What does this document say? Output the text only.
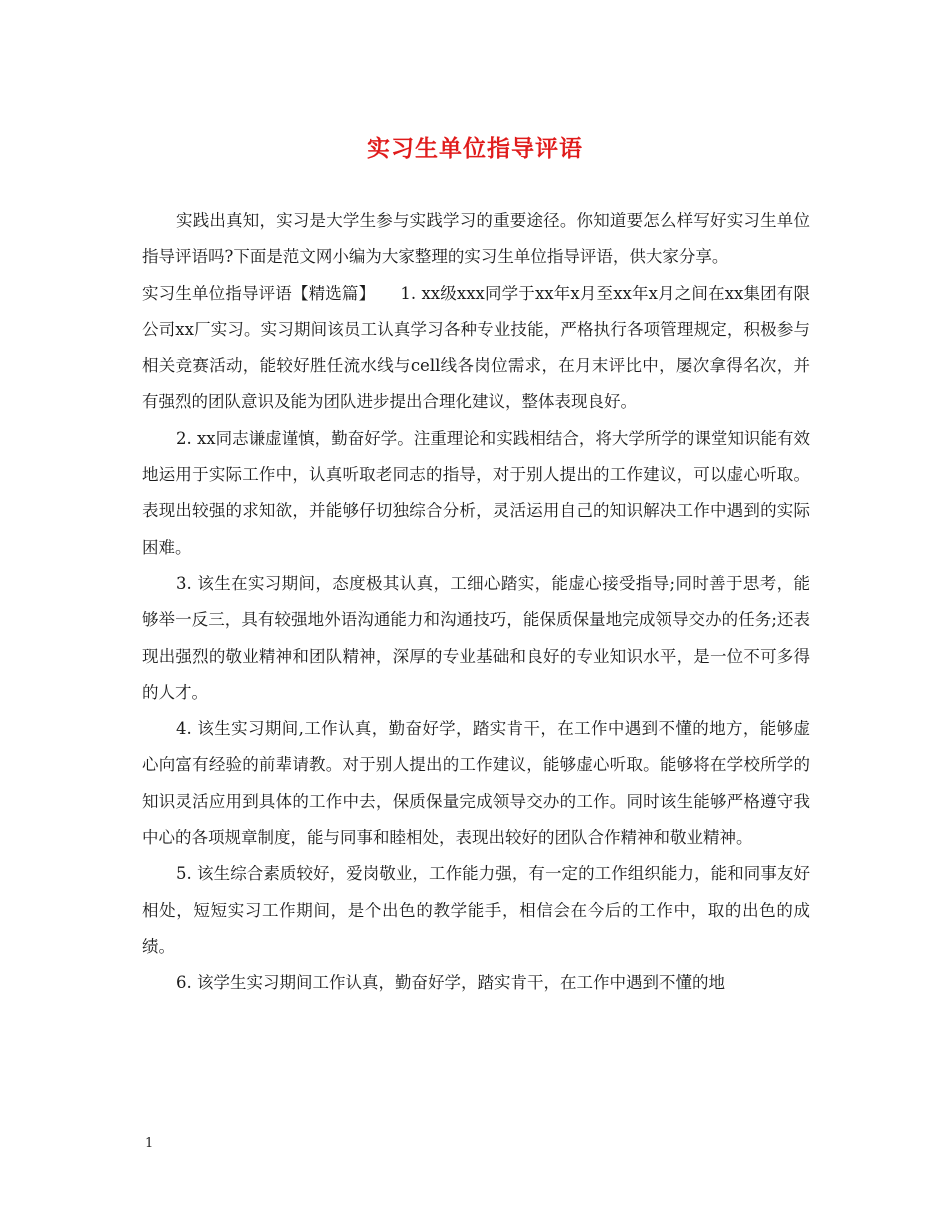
实习生单位指导评语

实践出真知，实习是大学生参与实践学习的重要途径。你知道要怎么样写好实习生单位指导评语吗?下面是范文网小编为大家整理的实习生单位指导评语，供大家分享。

实习生单位指导评语【精选篇】　　1. xx级xxx同学于xx年x月至xx年x月之间在xx集团有限公司xx厂实习。实习期间该员工认真学习各种专业技能，严格执行各项管理规定，积极参与相关竞赛活动，能较好胜任流水线与cell线各岗位需求，在月末评比中，屡次拿得名次，并有强烈的团队意识及能为团队进步提出合理化建议，整体表现良好。

2. xx同志谦虚谨慎，勤奋好学。注重理论和实践相结合，将大学所学的课堂知识能有效地运用于实际工作中，认真听取老同志的指导，对于别人提出的工作建议，可以虚心听取。表现出较强的求知欲，并能够仔切独综合分析，灵活运用自己的知识解决工作中遇到的实际困难。

3. 该生在实习期间，态度极其认真，工细心踏实，能虚心接受指导;同时善于思考，能够举一反三，具有较强地外语沟通能力和沟通技巧，能保质保量地完成领导交办的任务;还表现出强烈的敬业精神和团队精神，深厚的专业基础和良好的专业知识水平，是一位不可多得的人才。

4. 该生实习期间,工作认真，勤奋好学，踏实肯干，在工作中遇到不懂的地方，能够虚心向富有经验的前辈请教。对于别人提出的工作建议，能够虚心听取。能够将在学校所学的知识灵活应用到具体的工作中去，保质保量完成领导交办的工作。同时该生能够严格遵守我中心的各项规章制度，能与同事和睦相处，表现出较好的团队合作精神和敬业精神。

5. 该生综合素质较好，爱岗敬业，工作能力强，有一定的工作组织能力，能和同事友好相处，短短实习工作期间，是个出色的教学能手，相信会在今后的工作中，取的出色的成绩。

6. 该学生实习期间工作认真，勤奋好学，踏实肯干，在工作中遇到不懂的地

1
